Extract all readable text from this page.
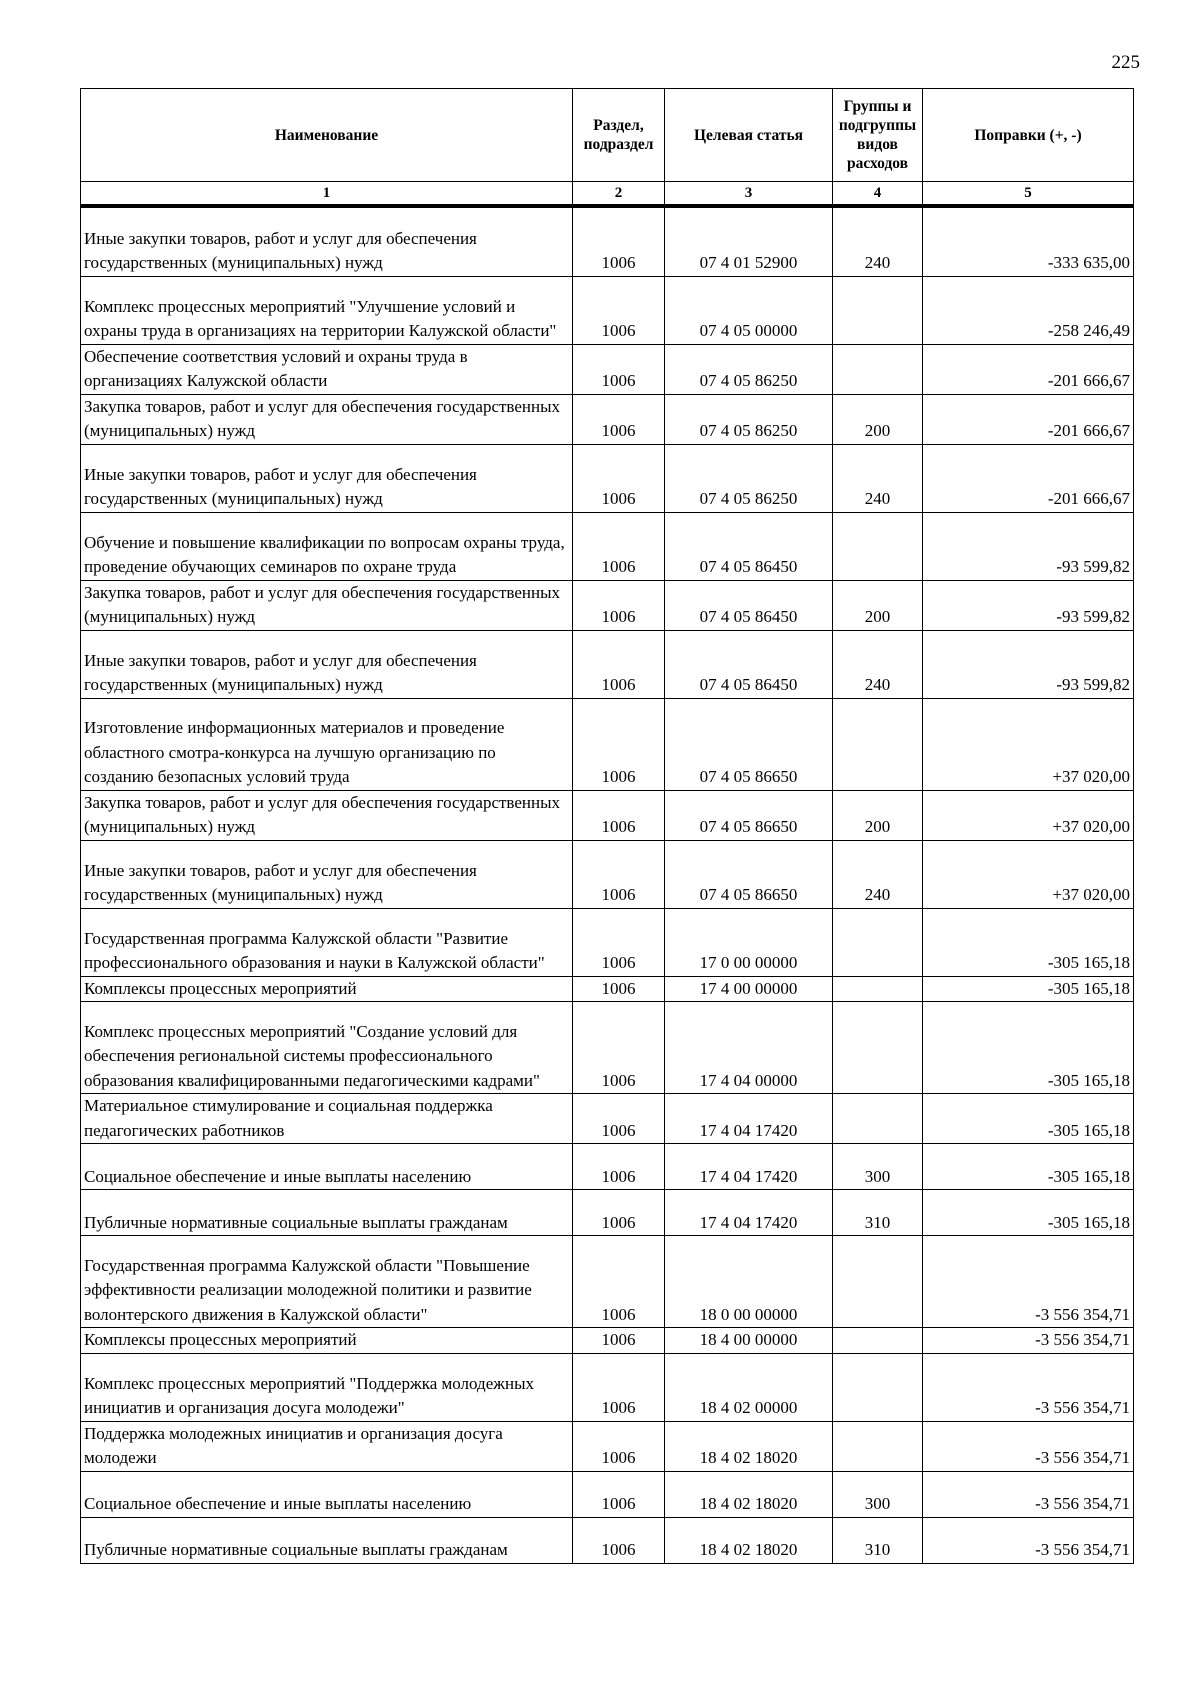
225
Наименование	Раздел, подраздел	Целевая статья	Группы и подгруппы видов расходов	Поправки (+, -)
1	2	3	4	5
Иные закупки товаров, работ и услуг для обеспечения государственных (муниципальных) нужд	1006	07 4 01 52900	240	-333 635,00
Комплекс процессных мероприятий "Улучшение условий и охраны труда в организациях на территории Калужской области"	1006	07 4 05 00000		-258 246,49
Обеспечение соответствия условий и охраны труда в организациях Калужской области	1006	07 4 05 86250		-201 666,67
Закупка товаров, работ и услуг для обеспечения государственных (муниципальных) нужд	1006	07 4 05 86250	200	-201 666,67
Иные закупки товаров, работ и услуг для обеспечения государственных (муниципальных) нужд	1006	07 4 05 86250	240	-201 666,67
Обучение и повышение квалификации по вопросам охраны труда, проведение обучающих семинаров по охране труда	1006	07 4 05 86450		-93 599,82
Закупка товаров, работ и услуг для обеспечения государственных (муниципальных) нужд	1006	07 4 05 86450	200	-93 599,82
Иные закупки товаров, работ и услуг для обеспечения государственных (муниципальных) нужд	1006	07 4 05 86450	240	-93 599,82
Изготовление информационных материалов и проведение областного смотра-конкурса на лучшую организацию по созданию безопасных условий труда	1006	07 4 05 86650		+37 020,00
Закупка товаров, работ и услуг для обеспечения государственных (муниципальных) нужд	1006	07 4 05 86650	200	+37 020,00
Иные закупки товаров, работ и услуг для обеспечения государственных (муниципальных) нужд	1006	07 4 05 86650	240	+37 020,00
Государственная программа Калужской области "Развитие профессионального образования и науки в Калужской области"	1006	17 0 00 00000		-305 165,18
Комплексы процессных мероприятий	1006	17 4 00 00000		-305 165,18
Комплекс процессных мероприятий "Создание условий для обеспечения региональной системы профессионального образования квалифицированными педагогическими кадрами"	1006	17 4 04 00000		-305 165,18
Материальное стимулирование и социальная поддержка педагогических работников	1006	17 4 04 17420		-305 165,18
Социальное обеспечение и иные выплаты населению	1006	17 4 04 17420	300	-305 165,18
Публичные нормативные социальные выплаты гражданам	1006	17 4 04 17420	310	-305 165,18
Государственная программа Калужской области "Повышение эффективности реализации молодежной политики и развитие волонтерского движения в Калужской области"	1006	18 0 00 00000		-3 556 354,71
Комплексы процессных мероприятий	1006	18 4 00 00000		-3 556 354,71
Комплекс процессных мероприятий "Поддержка молодежных инициатив и организация досуга молодежи"	1006	18 4 02 00000		-3 556 354,71
Поддержка молодежных инициатив и организация досуга молодежи	1006	18 4 02 18020		-3 556 354,71
Социальное обеспечение и иные выплаты населению	1006	18 4 02 18020	300	-3 556 354,71
Публичные нормативные социальные выплаты гражданам	1006	18 4 02 18020	310	-3 556 354,71
